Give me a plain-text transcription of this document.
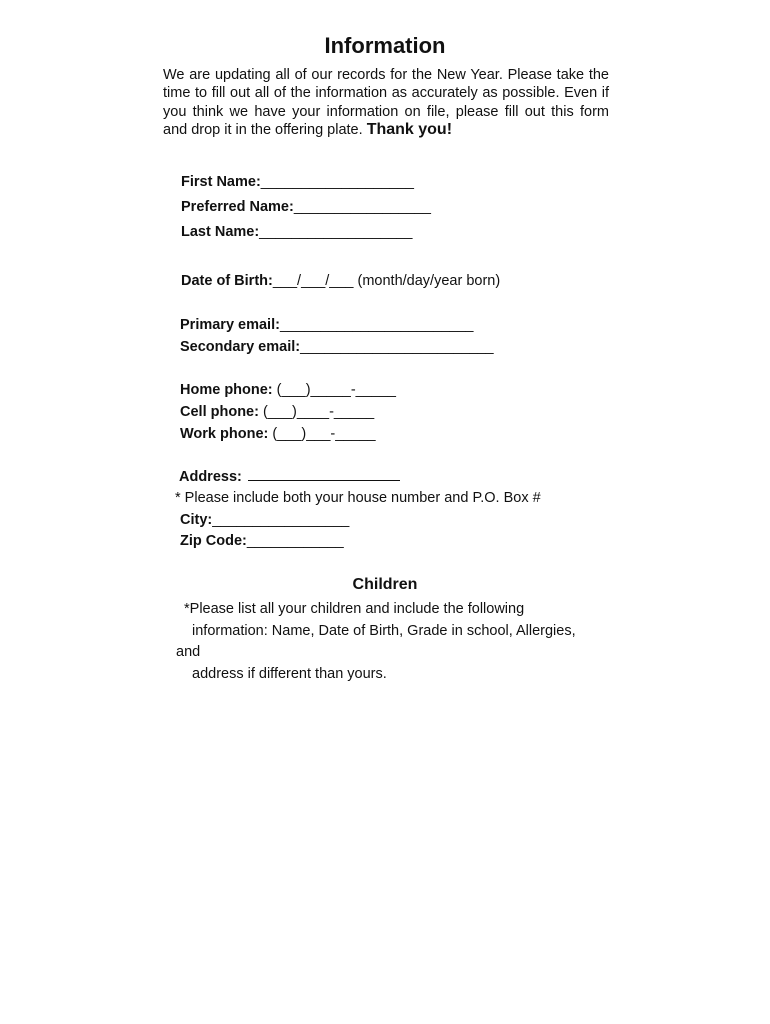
Information
We are updating all of our records for the New Year. Please take the time to fill out all of the information as accurately as possible. Even if you think we have your information on file, please fill out this form and drop it in the offering plate. Thank you!
First Name:___________________
Preferred Name:_________________
Last Name:___________________
Date of Birth:___/___/___ (month/day/year born)
Primary email:________________________
Secondary email:________________________
Home phone: (___)_____-_____
Cell phone: (___)____-_____
Work phone: (___)___-_____
Address:
* Please include both your house number and P.O. Box #
City:_________________
Zip Code:____________
Children
*Please list all your children and include the following
information: Name, Date of Birth, Grade in school, Allergies,
and
address if different than yours.
